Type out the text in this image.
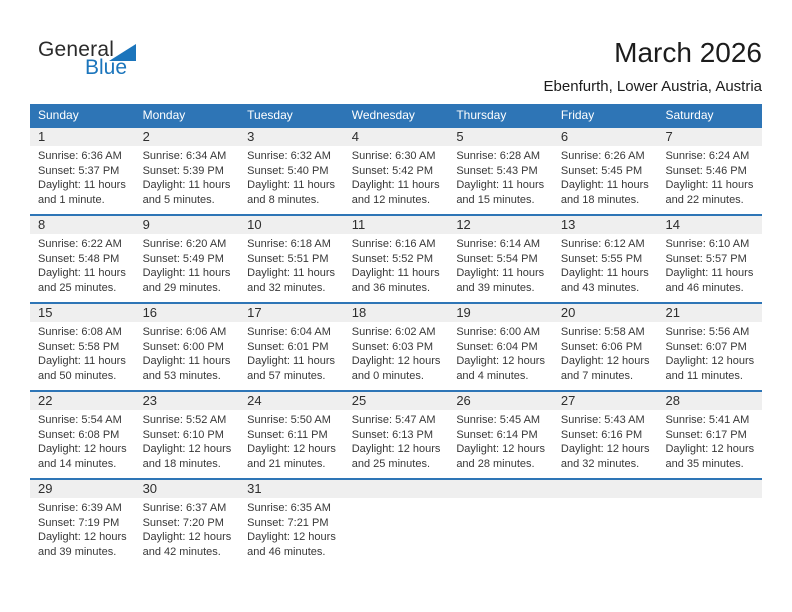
General
Blue	March 2026
Ebenfurth, Lower Austria, Austria
Sunday	Monday	Tuesday	Wednesday	Thursday	Friday	Saturday
1	2	3	4	5	6	7
Sunrise: 6:36 AM
Sunset: 5:37 PM
Daylight: 11 hours and 1 minute.
Sunrise: 6:34 AM
Sunset: 5:39 PM
Daylight: 11 hours and 5 minutes.
Sunrise: 6:32 AM
Sunset: 5:40 PM
Daylight: 11 hours and 8 minutes.
Sunrise: 6:30 AM
Sunset: 5:42 PM
Daylight: 11 hours and 12 minutes.
Sunrise: 6:28 AM
Sunset: 5:43 PM
Daylight: 11 hours and 15 minutes.
Sunrise: 6:26 AM
Sunset: 5:45 PM
Daylight: 11 hours and 18 minutes.
Sunrise: 6:24 AM
Sunset: 5:46 PM
Daylight: 11 hours and 22 minutes.
8	9	10	11	12	13	14
Sunrise: 6:22 AM
Sunset: 5:48 PM
Daylight: 11 hours and 25 minutes.
Sunrise: 6:20 AM
Sunset: 5:49 PM
Daylight: 11 hours and 29 minutes.
Sunrise: 6:18 AM
Sunset: 5:51 PM
Daylight: 11 hours and 32 minutes.
Sunrise: 6:16 AM
Sunset: 5:52 PM
Daylight: 11 hours and 36 minutes.
Sunrise: 6:14 AM
Sunset: 5:54 PM
Daylight: 11 hours and 39 minutes.
Sunrise: 6:12 AM
Sunset: 5:55 PM
Daylight: 11 hours and 43 minutes.
Sunrise: 6:10 AM
Sunset: 5:57 PM
Daylight: 11 hours and 46 minutes.
15	16	17	18	19	20	21
Sunrise: 6:08 AM
Sunset: 5:58 PM
Daylight: 11 hours and 50 minutes.
Sunrise: 6:06 AM
Sunset: 6:00 PM
Daylight: 11 hours and 53 minutes.
Sunrise: 6:04 AM
Sunset: 6:01 PM
Daylight: 11 hours and 57 minutes.
Sunrise: 6:02 AM
Sunset: 6:03 PM
Daylight: 12 hours and 0 minutes.
Sunrise: 6:00 AM
Sunset: 6:04 PM
Daylight: 12 hours and 4 minutes.
Sunrise: 5:58 AM
Sunset: 6:06 PM
Daylight: 12 hours and 7 minutes.
Sunrise: 5:56 AM
Sunset: 6:07 PM
Daylight: 12 hours and 11 minutes.
22	23	24	25	26	27	28
Sunrise: 5:54 AM
Sunset: 6:08 PM
Daylight: 12 hours and 14 minutes.
Sunrise: 5:52 AM
Sunset: 6:10 PM
Daylight: 12 hours and 18 minutes.
Sunrise: 5:50 AM
Sunset: 6:11 PM
Daylight: 12 hours and 21 minutes.
Sunrise: 5:47 AM
Sunset: 6:13 PM
Daylight: 12 hours and 25 minutes.
Sunrise: 5:45 AM
Sunset: 6:14 PM
Daylight: 12 hours and 28 minutes.
Sunrise: 5:43 AM
Sunset: 6:16 PM
Daylight: 12 hours and 32 minutes.
Sunrise: 5:41 AM
Sunset: 6:17 PM
Daylight: 12 hours and 35 minutes.
29	30	31
Sunrise: 6:39 AM
Sunset: 7:19 PM
Daylight: 12 hours and 39 minutes.
Sunrise: 6:37 AM
Sunset: 7:20 PM
Daylight: 12 hours and 42 minutes.
Sunrise: 6:35 AM
Sunset: 7:21 PM
Daylight: 12 hours and 46 minutes.
